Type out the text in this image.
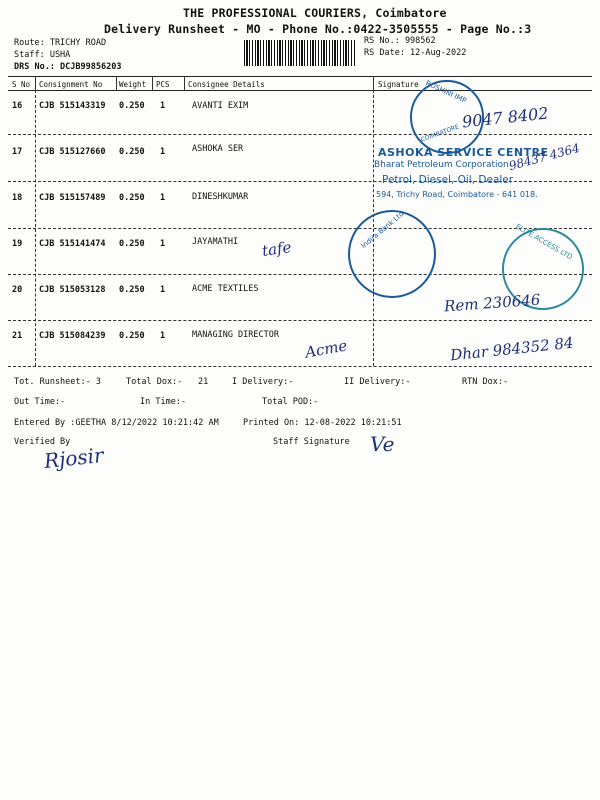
THE PROFESSIONAL COURIERS, Coimbatore
Delivery Runsheet - MO - Phone No.:0422-3505555 - Page No.:3
Route: TRICHY ROAD
Staff: USHA
DRS No.: DCJB99856203
RS No.: 998562
RS Date: 12-Aug-2022
S No Consignment No Weight PCS Consignee Details	Signature
16 CJB 515143319 0.250 1	AVANTI EXIM
17 CJB 515127660 0.250 1	ASHOKA SER
18 CJB 515157489 0.250 1	DINESHKUMAR
19 CJB 515141474 0.250 1	JAYAMATHI
20 CJB 515053128 0.250 1	ACME TEXTILES
21 CJB 515084239 0.250 1	MANAGING DIRECTOR
ROSHINI IMP
COIMBATORE
ASHOKA SERVICE CENTRE
Bharat Petroleum Corporation
Petrol, Diesel, Oil, Dealer
594, Trichy Road, Coimbatore - 641 018.
Indira Bank Ltd	ELITE ACCESS LTD
9047 8402
98437 4364
tafe
Rem 230646
Acme	Dhar 984352 84
Tot. Runsheet:- 3	Total Dox:- 21	I Delivery:-	II Delivery:-	RTN Dox:-
Out Time:-	In Time:-	Total POD:-
Entered By :GEETHA 8/12/2022 10:21:42 AM	Printed On: 12-08-2022 10:21:51
Verified By	Staff Signature
Rjosir	Ve
